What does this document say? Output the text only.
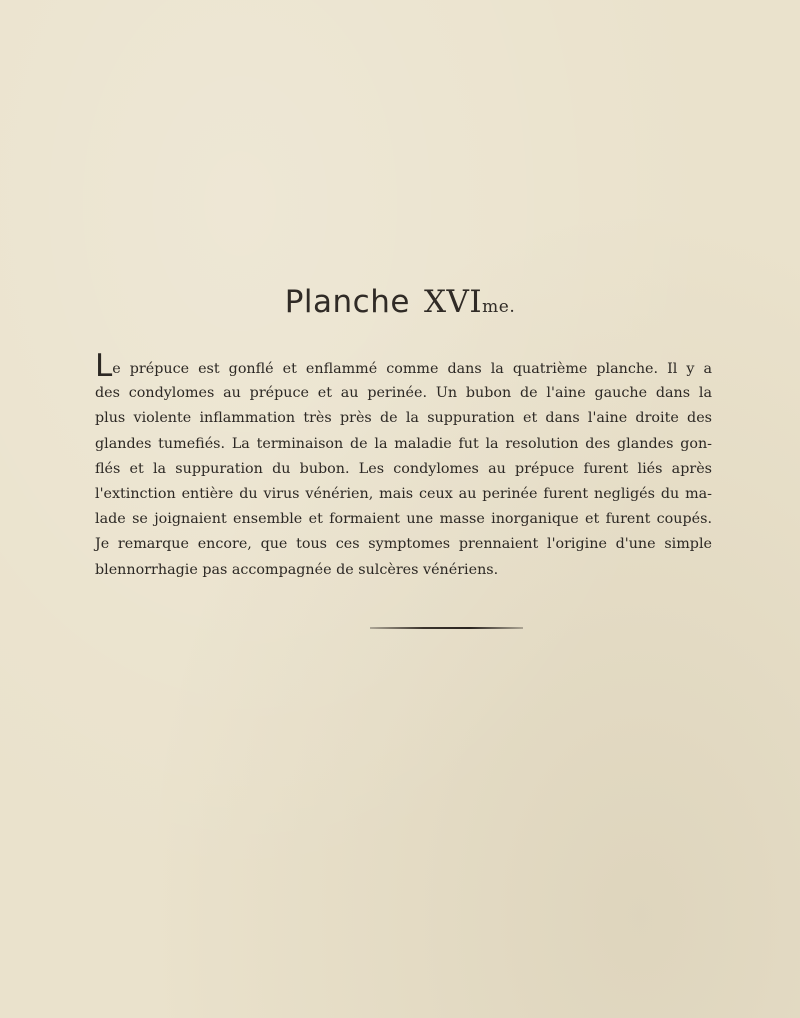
Planche XVIme.
Le prépuce est gonflé et enflammé comme dans la quatrième planche. Il y a
des condylomes au prépuce et au perinée. Un bubon de l'aine gauche dans la
plus violente inflammation très près de la suppuration et dans l'aine droite des
glandes tumefiés. La terminaison de la maladie fut la resolution des glandes gon-
flés et la suppuration du bubon. Les condylomes au prépuce furent liés après
l'extinction entière du virus vénérien, mais ceux au perinée furent negligés du ma-
lade se joignaient ensemble et formaient une masse inorganique et furent coupés.
Je remarque encore, que tous ces symptomes prennaient l'origine d'une simple
blennorrhagie pas accompagnée de sulcères vénériens.
